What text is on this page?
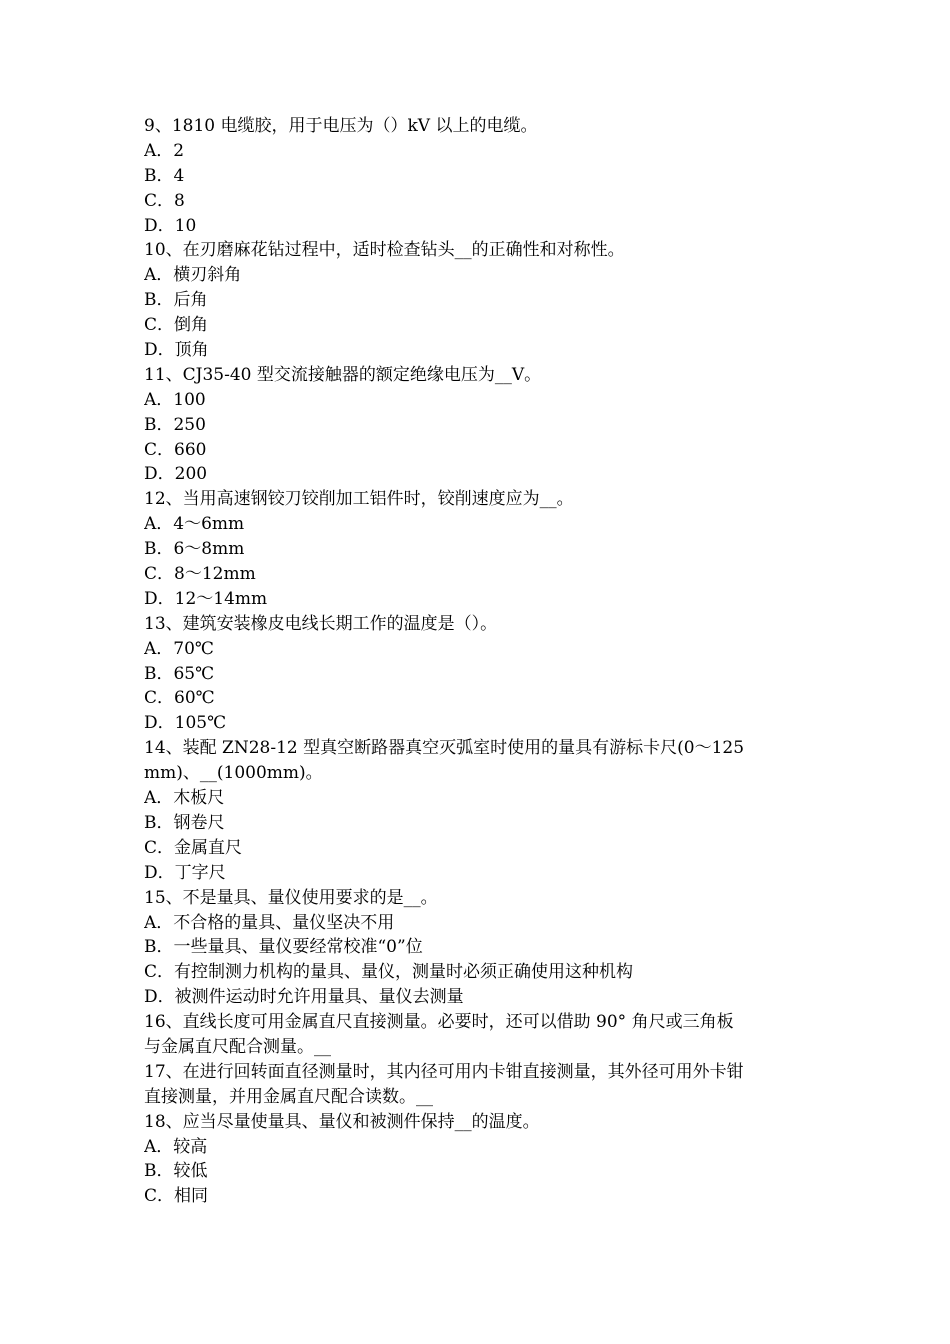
9、1810 电缆胶，用于电压为（）kV 以上的电缆。
A．2
B．4
C．8
D．10
10、在刃磨麻花钻过程中，适时检查钻头__的正确性和对称性。
A．横刃斜角
B．后角
C．倒角
D．顶角
11、CJ35-40 型交流接触器的额定绝缘电压为__V。
A．100
B．250
C．660
D．200
12、当用高速钢铰刀铰削加工铝件时，铰削速度应为__。
A．4～6mm
B．6～8mm
C．8～12mm
D．12～14mm
13、建筑安装橡皮电线长期工作的温度是（）。
A．70℃
B．65℃
C．60℃
D．105℃
14、装配 ZN28-12 型真空断路器真空灭弧室时使用的量具有游标卡尺(0～125
mm)、__(1000mm)。
A．木板尺
B．钢卷尺
C．金属直尺
D．丁字尺
15、不是量具、量仪使用要求的是__。
A．不合格的量具、量仪坚决不用
B．一些量具、量仪要经常校准“0”位
C．有控制测力机构的量具、量仪，测量时必须正确使用这种机构
D．被测件运动时允许用量具、量仪去测量
16、直线长度可用金属直尺直接测量。必要时，还可以借助 90° 角尺或三角板
与金属直尺配合测量。__
17、在进行回转面直径测量时，其内径可用内卡钳直接测量，其外径可用外卡钳
直接测量，并用金属直尺配合读数。__
18、应当尽量使量具、量仪和被测件保持__的温度。
A．较高
B．较低
C．相同
